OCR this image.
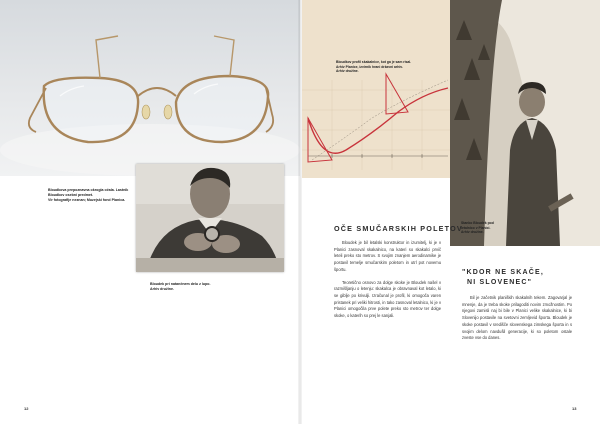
Bloudkova prepoznavna okrogla očala. Lastnik
Bloudkov osebni predmet.
Vir fotografije neznan; Muzejski fond Planica.
Bloudek pri natančnem delu z lupo.
Arhiv družine.
12
Bloudkov profil skakalnice, kot ga je sam risal.
Arhiv Planice, izvirnik hrani državni arhiv.
Arhiv družine.
Stanko Bloudek pod
letalnico v Planici.
Arhiv družine.
OČE SMUČARSKIH POLETOV

Bloudek je bil letalski konstruktor in izumitelj, ki je v Planici zasnoval skakalnico, na kateri so skakalci prvič leteli preko sto metrov. S svojim znanjem aerodinamike je postavil temelje smučarskim poletom in utrl pot novemu športu.

Teoretično osnovo za dolge skoke je Bloudek našel v razmišljanju o letenju: skakalca je obravnaval kot letalo, ki se giblje po krivulji. Izračunal je profil, ki omogoča varen pristanek pri veliki hitrosti, in tako zasnoval letalnico, ki je v Planici omogočila prve polete preko sto metrov ter dolge skoke, o katerih so prej le sanjali.

"KDOR NE SKAČE,
NI SLOVENEC"

Bil je začetnik planiških skakalnih tekem. Zagovarjal je mnenje, da je treba skoke prilagoditi novim zmožnostim. Po njegovi zamisli naj bi bile v Planici velike skakalnice, ki bi Slovenijo postavile na svetovni zemljevid športa. Bloudek je skoke postavil v središče slovenskega zimskega športa in s svojim delom navdušil generacije, ki so poletom ostale zveste vse do danes.

13
